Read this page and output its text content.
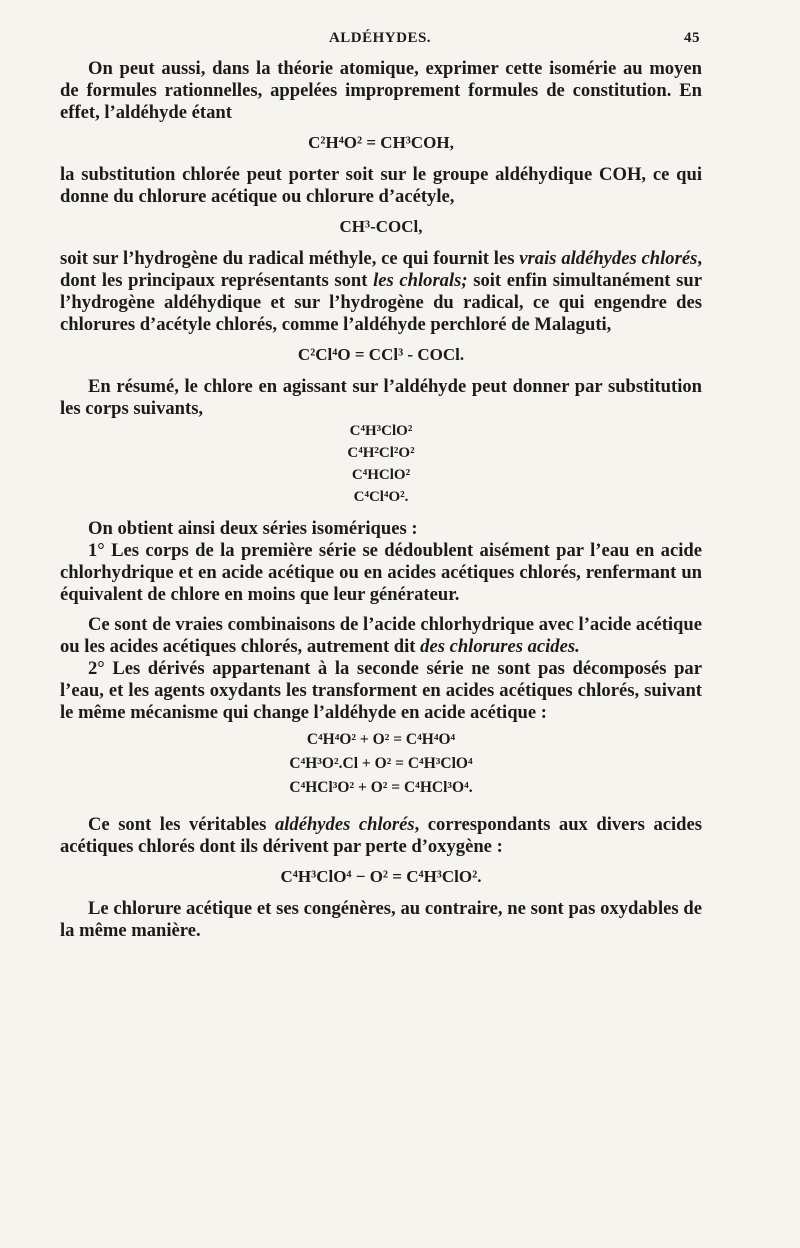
ALDÉHYDES.	45

On peut aussi, dans la théorie atomique, exprimer cette isomérie au moyen de formules rationnelles, appelées improprement formules de constitution. En effet, l’aldéhyde étant

C²H⁴O² = CH³COH,

la substitution chlorée peut porter soit sur le groupe aldéhydique COH, ce qui donne du chlorure acétique ou chlorure d’acétyle,

CH³-COCl,

soit sur l’hydrogène du radical méthyle, ce qui fournit les vrais aldéhydes chlorés, dont les principaux représentants sont les chlorals; soit enfin simultanément sur l’hydrogène aldéhydique et sur l’hydrogène du radical, ce qui engendre des chlorures d’acétyle chlorés, comme l’aldéhyde perchloré de Malaguti,

C²Cl⁴O = CCl³ - COCl.

En résumé, le chlore en agissant sur l’aldéhyde peut donner par substitution les corps suivants,

C⁴H³ClO²
C⁴H²Cl²O²
C⁴HClO²
C⁴Cl⁴O².

On obtient ainsi deux séries isomériques :

1° Les corps de la première série se dédoublent aisément par l’eau en acide chlorhydrique et en acide acétique ou en acides acétiques chlorés, renfermant un équivalent de chlore en moins que leur générateur.

Ce sont de vraies combinaisons de l’acide chlorhydrique avec l’acide acétique ou les acides acétiques chlorés, autrement dit des chlorures acides.

2° Les dérivés appartenant à la seconde série ne sont pas décomposés par l’eau, et les agents oxydants les transforment en acides acétiques chlorés, suivant le même mécanisme qui change l’aldéhyde en acide acétique :

C⁴H⁴O² + O² = C⁴H⁴O⁴
C⁴H³O².Cl + O² = C⁴H³ClO⁴
C⁴HCl³O² + O² = C⁴HCl³O⁴.

Ce sont les véritables aldéhydes chlorés, correspondants aux divers acides acétiques chlorés dont ils dérivent par perte d’oxygène :

C⁴H³ClO⁴ − O² = C⁴H³ClO².

Le chlorure acétique et ses congénères, au contraire, ne sont pas oxydables de la même manière.
